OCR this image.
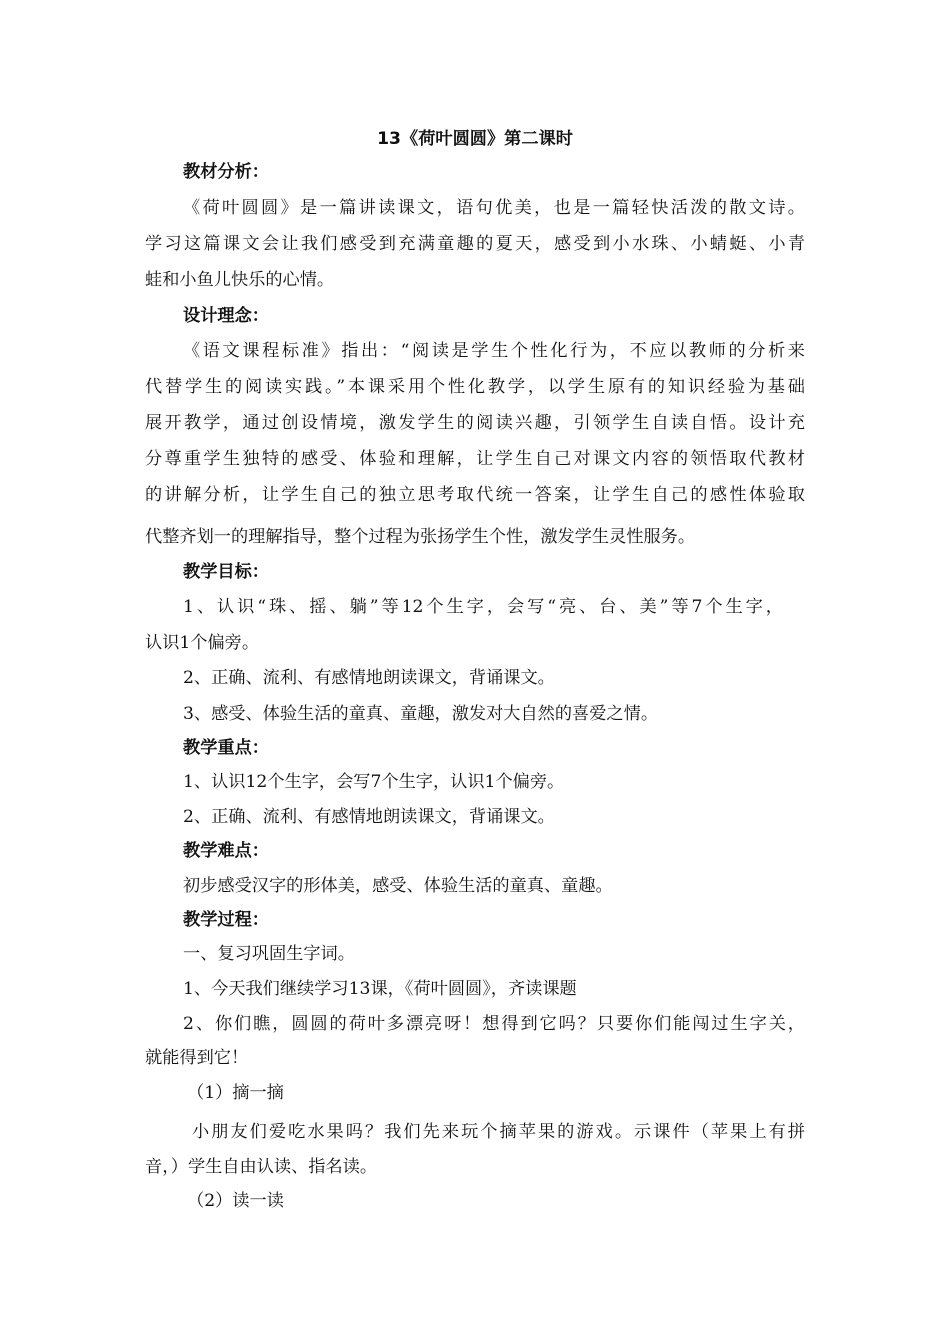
13《荷叶圆圆》第二课时
教材分析：
《荷叶圆圆》是一篇讲读课文，语句优美，也是一篇轻快活泼的散文诗。
学习这篇课文会让我们感受到充满童趣的夏天，感受到小水珠、小蜻蜓、小青
蛙和小鱼儿快乐的心情。
设计理念：
《语文课程标准》指出：“阅读是学生个性化行为，不应以教师的分析来
代替学生的阅读实践。”本课采用个性化教学，以学生原有的知识经验为基础
展开教学，通过创设情境，激发学生的阅读兴趣，引领学生自读自悟。设计充
分尊重学生独特的感受、体验和理解，让学生自己对课文内容的领悟取代教材
的讲解分析，让学生自己的独立思考取代统一答案，让学生自己的感性体验取
代整齐划一的理解指导，整个过程为张扬学生个性，激发学生灵性服务。
教学目标：
1、认识“珠、摇、躺”等12个生字，会写“亮、台、美”等7个生字，
认识1个偏旁。
2、正确、流利、有感情地朗读课文，背诵课文。
3、感受、体验生活的童真、童趣，激发对大自然的喜爱之情。
教学重点：
1、认识12个生字，会写7个生字，认识1个偏旁。
2、正确、流利、有感情地朗读课文，背诵课文。
教学难点：
初步感受汉字的形体美，感受、体验生活的童真、童趣。
教学过程：
一、复习巩固生字词。
1、今天我们继续学习13课，《荷叶圆圆》，齐读课题
2、你们瞧，圆圆的荷叶多漂亮呀！想得到它吗？只要你们能闯过生字关，
就能得到它！
（1）摘一摘
小朋友们爱吃水果吗？我们先来玩个摘苹果的游戏。示课件（苹果上有拼
音，）学生自由认读、指名读。
（2）读一读
